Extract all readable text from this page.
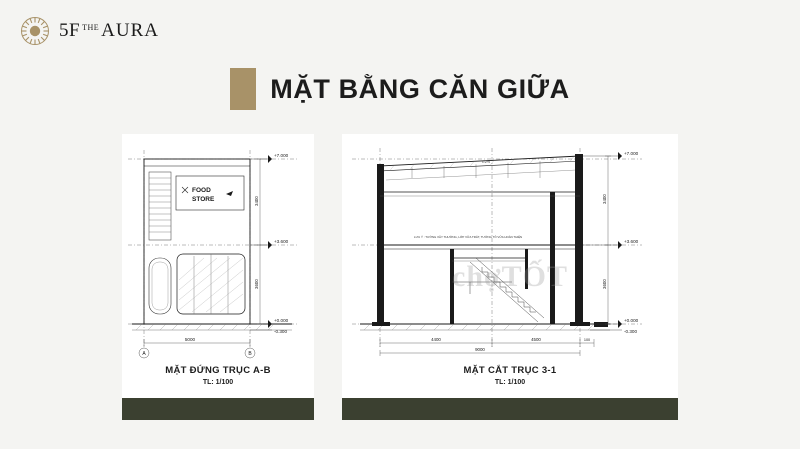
5F THE AURA
MẶT BẰNG CĂN GIỮA
FOOD
STORE
+7.000
+3.600
+0.000
-0.300
3400
3600
5000
A	B
MẶT ĐỨNG TRỤC A-B
TL: 1/100
i=2%
LƯU Ý : TƯỜNG XÂY THƯỜNG, LỚP VỮA TRÁT, TƯỜNG TÔ VỮA HOÀN THIỆN
+7.000
+3.600
+0.000
-0.300
3400
3600
4400	4500	100
9000
chợTỐT
MẶT CẮT TRỤC 3-1
TL: 1/100
